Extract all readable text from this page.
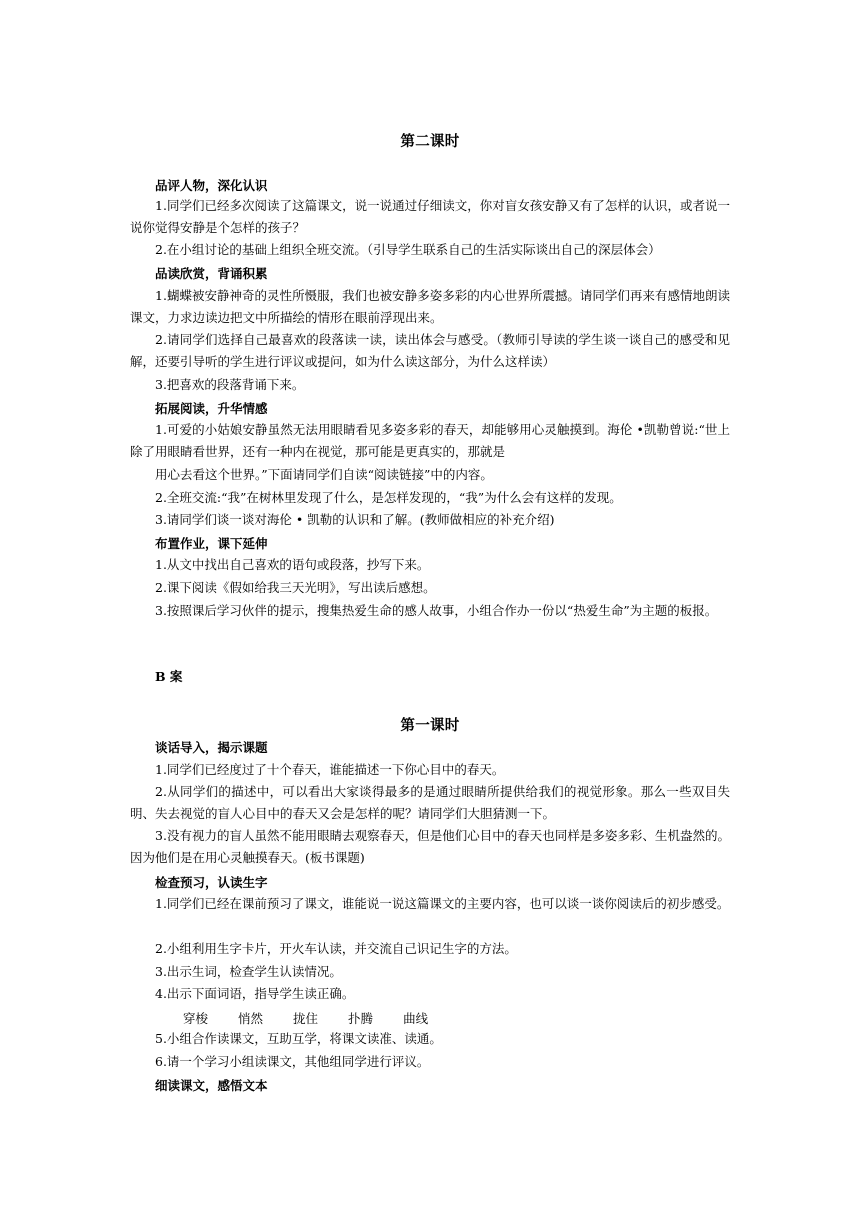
第二课时
品评人物，深化认识
1.同学们已经多次阅读了这篇课文，说一说通过仔细读文，你对盲女孩安静又有了怎样的认识，或者说一说你觉得安静是个怎样的孩子？
2.在小组讨论的基础上组织全班交流。（引导学生联系自己的生活实际谈出自己的深层体会）
品读欣赏，背诵积累
1.蝴蝶被安静神奇的灵性所慑服，我们也被安静多姿多彩的内心世界所震撼。请同学们再来有感情地朗读课文，力求边读边把文中所描绘的情形在眼前浮现出来。
2.请同学们选择自己最喜欢的段落读一读，读出体会与感受。（教师引导读的学生谈一谈自己的感受和见解，还要引导听的学生进行评议或提问，如为什么读这部分，为什么这样读）
3.把喜欢的段落背诵下来。
拓展阅读，升华情感
1.可爱的小姑娘安静虽然无法用眼睛看见多姿多彩的春天，却能够用心灵触摸到。海伦 •凯勒曾说:“世上除了用眼睛看世界，还有一种内在视觉，那可能是更真实的，那就是
用心去看这个世界。”下面请同学们自读“阅读链接”中的内容。
2.全班交流:“我”在树林里发现了什么，是怎样发现的，“我”为什么会有这样的发现。
3.请同学们谈一谈对海伦 • 凯勒的认识和了解。(教师做相应的补充介绍)
布置作业，课下延伸
1.从文中找出自己喜欢的语句或段落，抄写下来。
2.课下阅读《假如给我三天光明》，写出读后感想。
3.按照课后学习伙伴的提示，搜集热爱生命的感人故事，小组合作办一份以“热爱生命”为主题的板报。
B 案
第一课时
谈话导入，揭示课题
1.同学们已经度过了十个春天，谁能描述一下你心目中的春天。
2.从同学们的描述中，可以看出大家谈得最多的是通过眼睛所提供给我们的视觉形象。那么一些双目失明、失去视觉的盲人心目中的春天又会是怎样的呢？请同学们大胆猜测一下。
3.没有视力的盲人虽然不能用眼睛去观察春天，但是他们心目中的春天也同样是多姿多彩、生机盎然的。因为他们是在用心灵触摸春天。(板书课题)
检查预习，认读生字
1.同学们已经在课前预习了课文，谁能说一说这篇课文的主要内容，也可以谈一谈你阅读后的初步感受。
2.小组利用生字卡片，开火车认读，并交流自己识记生字的方法。
3.出示生词，检查学生认读情况。
4.出示下面词语，指导学生读正确。
穿梭 悄然 拢住 扑腾 曲线
5.小组合作读课文，互助互学，将课文读准、读通。
6.请一个学习小组读课文，其他组同学进行评议。
细读课文，感悟文本
